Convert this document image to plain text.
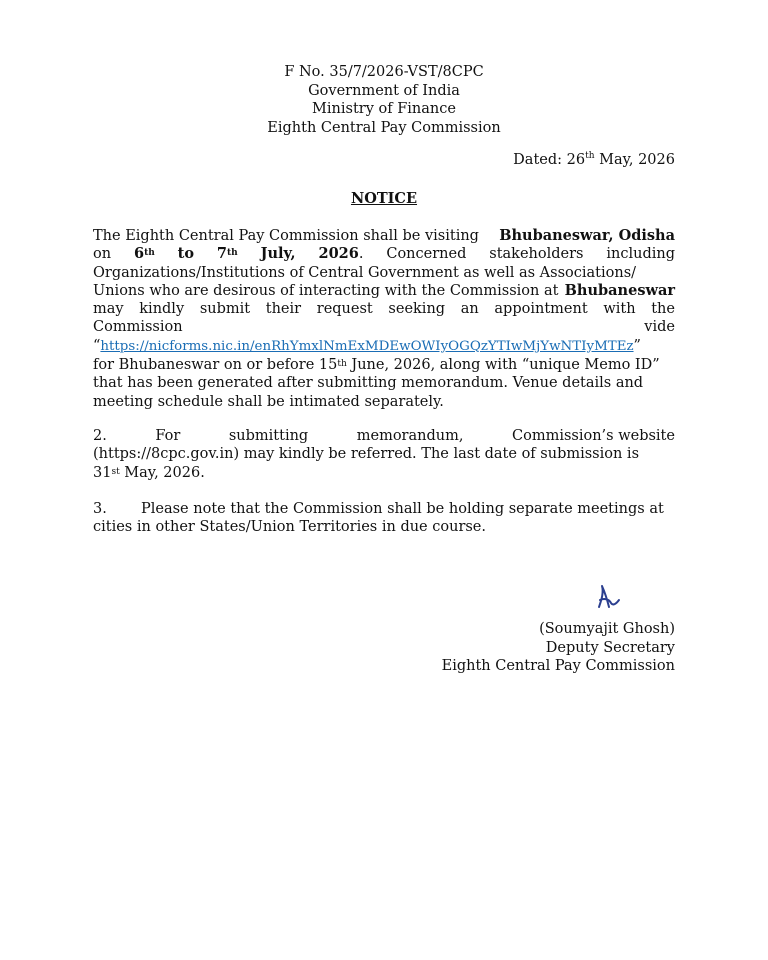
F No. 35/7/2026-VST/8CPC
Government of India
Ministry of Finance
Eighth Central Pay Commission
Dated: 26th May, 2026
NOTICE
The Eighth Central Pay Commission shall be visiting Bhubaneswar, Odisha
on 6th to 7th July, 2026. Concerned stakeholders including
Organizations/Institutions of Central Government as well as Associations/
Unions who are desirous of interacting with the Commission at Bhubaneswar
may kindly submit their request seeking an appointment with the
Commission	vide
“https://nicforms.nic.in/enRhYmxlNmExMDEwOWIyOGQzYTIwMjYwNTIyMTEz”
for Bhubaneswar on or before 15th June, 2026, along with “unique Memo ID”
that has been generated after submitting memorandum. Venue details and
meeting schedule shall be intimated separately.
2.	For	submitting	memorandum,	Commission’s website
(https://8cpc.gov.in) may kindly be referred. The last date of submission is
31st May, 2026.
3. Please note that the Commission shall be holding separate meetings at
cities in other States/Union Territories in due course.
(Soumyajit Ghosh)
Deputy Secretary
Eighth Central Pay Commission
